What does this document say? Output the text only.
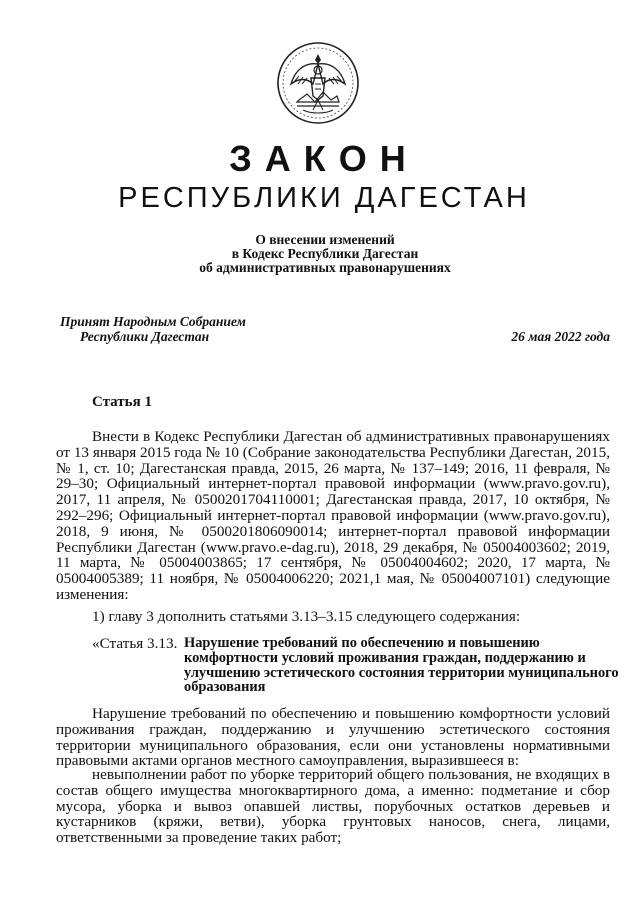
ЗАКОН
РЕСПУБЛИКИ ДАГЕСТАН
О внесении изменений
в Кодекс Республики Дагестан
об административных правонарушениях
Принят Народным Собранием
Республики Дагестан	26 мая 2022 года
Статья 1
Внести в Кодекс Республики Дагестан об административных правонарушениях от 13 января 2015 года № 10 (Собрание законодательства Республики Дагестан, 2015, № 1, ст. 10; Дагестанская правда, 2015, 26 марта, № 137–149; 2016, 11 февраля, № 29–30; Официальный интернет-портал правовой информации (www.pravo.gov.ru), 2017, 11 апреля, № 0500201704110001; Дагестанская правда, 2017, 10 октября, № 292–296; Официальный интернет-портал правовой информации (www.pravo.gov.ru), 2018, 9 июня, № 0500201806090014; интернет-портал правовой информации Республики Дагестан (www.pravo.e-dag.ru), 2018, 29 декабря, № 05004003602; 2019, 11 марта, № 05004003865; 17 сентября, № 05004004602; 2020, 17 марта, № 05004005389; 11 ноября, № 05004006220; 2021,1 мая, № 05004007101) следующие изменения:
1) главу 3 дополнить статьями 3.13–3.15 следующего содержания:
«Статья 3.13. Нарушение требований по обеспечению и повышению комфортности условий проживания граждан, поддержанию и улучшению эстетического состояния территории муниципального образования
Нарушение требований по обеспечению и повышению комфортности условий проживания граждан, поддержанию и улучшению эстетического состояния территории муниципального образования, если они установлены нормативными правовыми актами органов местного самоуправления, выразившееся в:
невыполнении работ по уборке территорий общего пользования, не входящих в состав общего имущества многоквартирного дома, а именно: подметание и сбор мусора, уборка и вывоз опавшей листвы, порубочных остатков деревьев и кустарников (кряжи, ветви), уборка грунтовых наносов, снега, лицами, ответственными за проведение таких работ;
